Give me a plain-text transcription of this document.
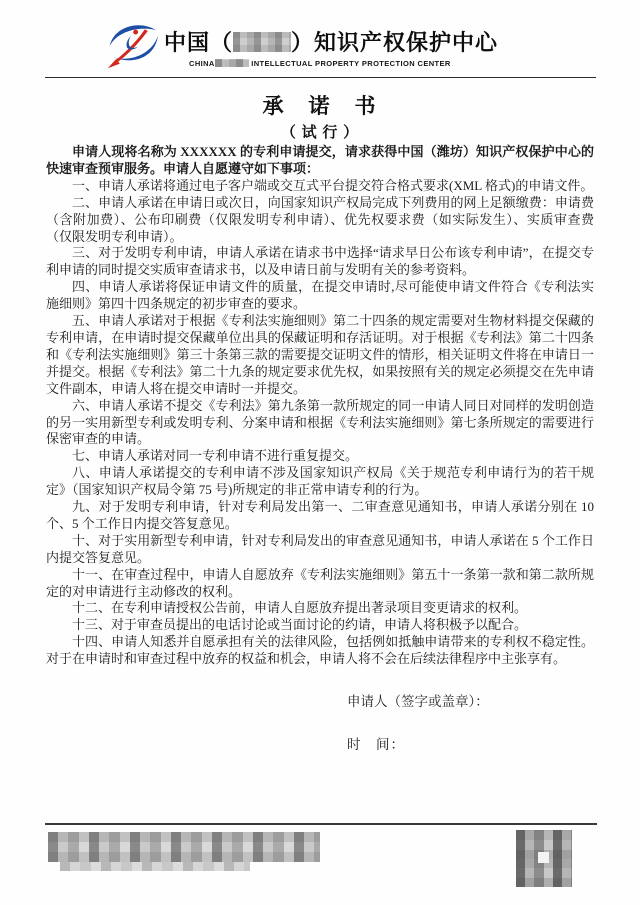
中国（	）知识产权保护中心
CHINA	INTELLECTUAL PROPERTY PROTECTION CENTER
承　诺　书
（ 试 行 ）

申请人现将名称为 XXXXXX 的专利申请提交，请求获得中国（潍坊）知识产权保护中心的快速审查预审服务。申请人自愿遵守如下事项：

一、申请人承诺将通过电子客户端或交互式平台提交符合格式要求(XML 格式)的申请文件。

二、申请人承诺在申请日或次日，向国家知识产权局完成下列费用的网上足额缴费：申请费（含附加费）、公布印刷费（仅限发明专利申请）、优先权要求费（如实际发生）、实质审查费（仅限发明专利申请）。

三、对于发明专利申请，申请人承诺在请求书中选择“请求早日公布该专利申请”，在提交专利申请的同时提交实质审查请求书，以及申请日前与发明有关的参考资料。

四、申请人承诺将保证申请文件的质量，在提交申请时,尽可能使申请文件符合《专利法实施细则》第四十四条规定的初步审查的要求。

五、申请人承诺对于根据《专利法实施细则》第二十四条的规定需要对生物材料提交保藏的专利申请，在申请时提交保藏单位出具的保藏证明和存活证明。对于根据《专利法》第二十四条和《专利法实施细则》第三十条第三款的需要提交证明文件的情形，相关证明文件将在申请日一并提交。根据《专利法》第二十九条的规定要求优先权，如果按照有关的规定必须提交在先申请文件副本，申请人将在提交申请时一并提交。

六、申请人承诺不提交《专利法》第九条第一款所规定的同一申请人同日对同样的发明创造的另一实用新型专利或发明专利、分案申请和根据《专利法实施细则》第七条所规定的需要进行保密审查的申请。

七、申请人承诺对同一专利申请不进行重复提交。

八、申请人承诺提交的专利申请不涉及国家知识产权局《关于规范专利申请行为的若干规定》（国家知识产权局令第 75 号)所规定的非正常申请专利的行为。

九、对于发明专利申请，针对专利局发出第一、二审查意见通知书，申请人承诺分别在 10 个、5 个工作日内提交答复意见。

十、对于实用新型专利申请，针对专利局发出的审查意见通知书，申请人承诺在 5 个工作日内提交答复意见。

十一、在审查过程中，申请人自愿放弃《专利法实施细则》第五十一条第一款和第二款所规定的对申请进行主动修改的权利。

十二、在专利申请授权公告前，申请人自愿放弃提出著录项目变更请求的权利。

十三、对于审查员提出的电话讨论或当面讨论的约请，申请人将积极予以配合。

十四、申请人知悉并自愿承担有关的法律风险，包括例如抵触申请带来的专利权不稳定性。对于在申请时和审查过程中放弃的权益和机会，申请人将不会在后续法律程序中主张享有。

申请人（签字或盖章）：

时　间：
